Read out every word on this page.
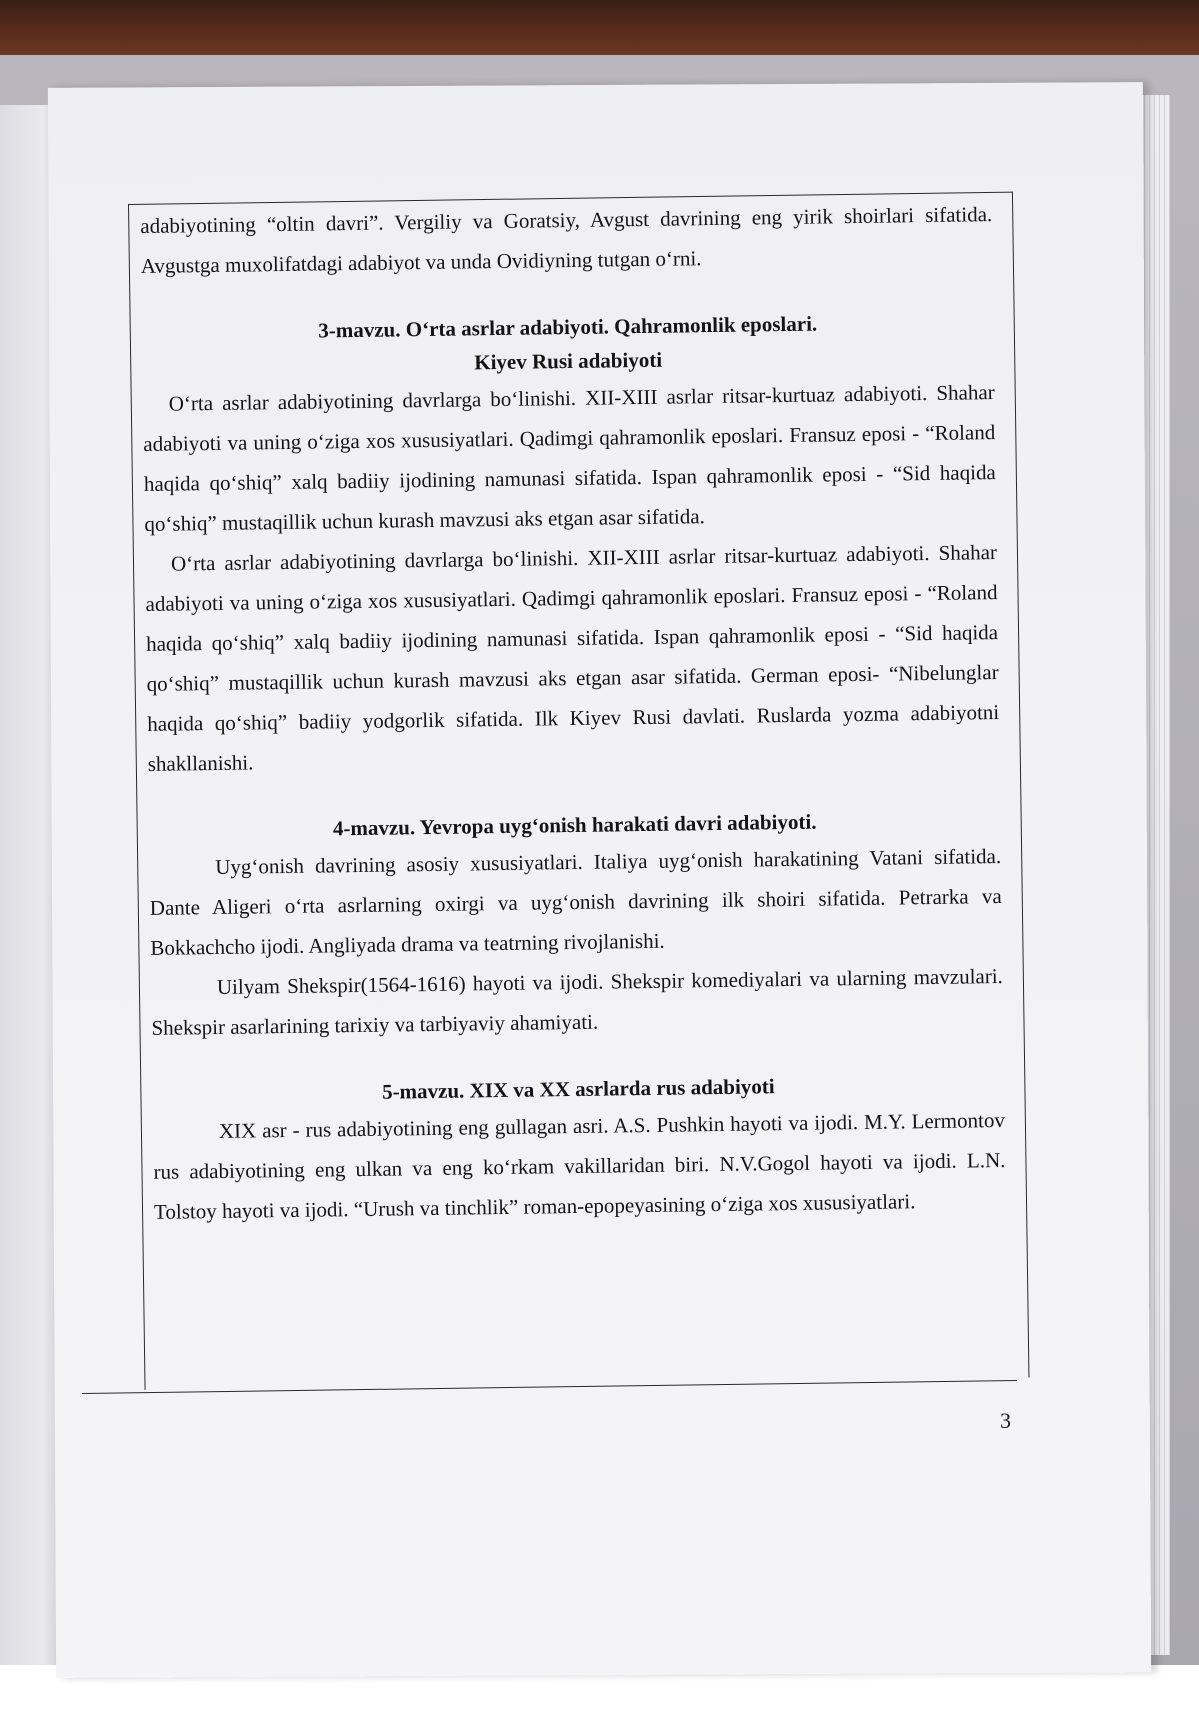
adabiyotining “oltin davri”. Vergiliy va Goratsiy, Avgust davrining eng yirik shoirlari sifatida. Avgustga muxolifatdagi adabiyot va unda Ovidiyning tutgan oʻrni.

3-mavzu. Oʻrta asrlar adabiyoti. Qahramonlik eposlari.
Kiyev Rusi adabiyoti

Oʻrta asrlar adabiyotining davrlarga boʻlinishi. XII-XIII asrlar ritsar-kurtuaz adabiyoti. Shahar adabiyoti va uning oʻziga xos xususiyatlari. Qadimgi qahramonlik eposlari. Fransuz eposi - “Roland haqida qoʻshiq” xalq badiiy ijodining namunasi sifatida. Ispan qahramonlik eposi - “Sid haqida qoʻshiq” mustaqillik uchun kurash mavzusi aks etgan asar sifatida.

Oʻrta asrlar adabiyotining davrlarga boʻlinishi. XII-XIII asrlar ritsar-kurtuaz adabiyoti. Shahar adabiyoti va uning oʻziga xos xususiyatlari. Qadimgi qahramonlik eposlari. Fransuz eposi - “Roland haqida qoʻshiq” xalq badiiy ijodining namunasi sifatida. Ispan qahramonlik eposi - “Sid haqida qoʻshiq” mustaqillik uchun kurash mavzusi aks etgan asar sifatida. German eposi- “Nibelunglar haqida qoʻshiq” badiiy yodgorlik sifatida. Ilk Kiyev Rusi davlati. Ruslarda yozma adabiyotni shakllanishi.

4-mavzu. Yevropa uygʻonish harakati davri adabiyoti.

Uygʻonish davrining asosiy xususiyatlari. Italiya uygʻonish harakatining Vatani sifatida. Dante Aligeri oʻrta asrlarning oxirgi va uygʻonish davrining ilk shoiri sifatida. Petrarka va Bokkachcho ijodi. Angliyada drama va teatrning rivojlanishi.

Uilyam Shekspir(1564-1616) hayoti va ijodi. Shekspir komediyalari va ularning mavzulari. Shekspir asarlarining tarixiy va tarbiyaviy ahamiyati.

5-mavzu. XIX va XX asrlarda rus adabiyoti

XIX asr - rus adabiyotining eng gullagan asri. A.S. Pushkin hayoti va ijodi. M.Y. Lermontov rus adabiyotining eng ulkan va eng koʻrkam vakillaridan biri. N.V.Gogol hayoti va ijodi. L.N. Tolstoy hayoti va ijodi. “Urush va tinchlik” roman-epopeyasining oʻziga xos xususiyatlari.

3
